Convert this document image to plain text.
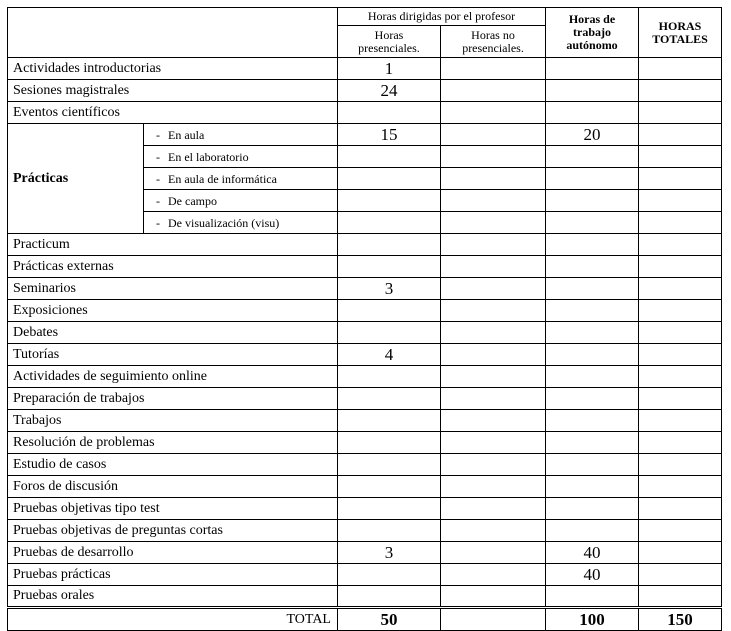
		Horas dirigidas por el profesor		Horas de trabajo autónomo	HORAS TOTALES
		Horas presenciales.	Horas no presenciales.		
Actividades introductorias		1			
Sesiones magistrales		24			
Eventos científicos					
Prácticas	- En aula	15		20	
	- En el laboratorio				
	- En aula de informática				
	- De campo				
	- De visualización (visu)				
Practicum					
Prácticas externas					
Seminarios		3			
Exposiciones					
Debates					
Tutorías		4			
Actividades de seguimiento online					
Preparación de trabajos					
Trabajos					
Resolución de problemas					
Estudio de casos					
Foros de discusión					
Pruebas objetivas tipo test					
Pruebas objetivas de preguntas cortas					
Pruebas de desarrollo		3		40	
Pruebas prácticas				40	
Pruebas orales					
TOTAL		50		100	150
